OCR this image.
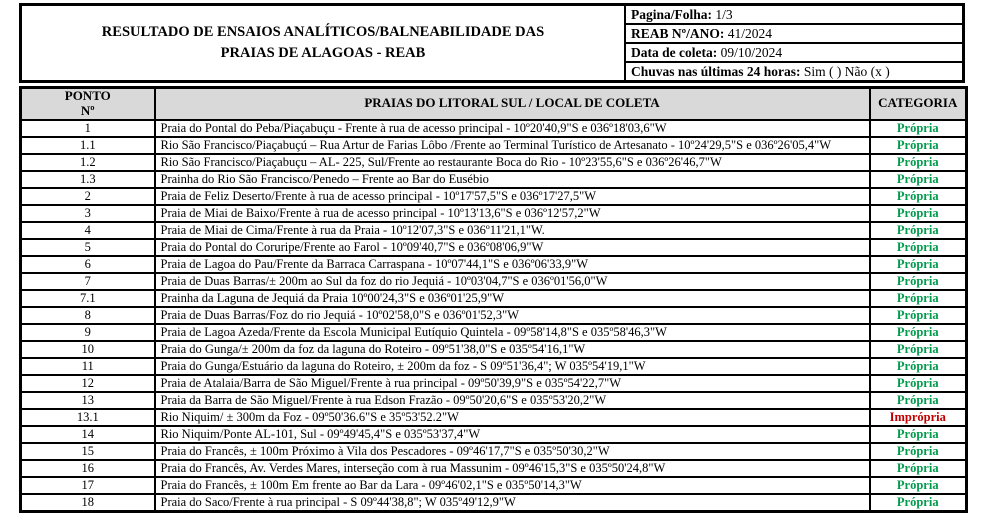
RESULTADO DE ENSAIOS ANALÍTICOS/BALNEABILIDADE DAS
PRAIAS DE ALAGOAS - REAB
	Pagina/Folha: 1/3
REAB Nº/ANO: 41/2024
Data de coleta: 09/10/2024
Chuvas nas últimas 24 horas: Sim ( ) Não (x )
PONTO
Nº	PRAIAS DO LITORAL SUL / LOCAL DE COLETA	CATEGORIA
1	Praia do Pontal do Peba/Piaçabuçu - Frente à rua de acesso principal - 10º20'40,9"S e 036º18'03,6"W	Própria
1.1	Rio São Francisco/Piaçabuçú – Rua Artur de Farias Lôbo /Frente ao Terminal Turístico de Artesanato - 10º24'29,5"S e 036º26'05,4"W	Própria
1.2	Rio São Francisco/Piaçabuçu – AL- 225, Sul/Frente ao restaurante Boca do Rio - 10º23'55,6"S e 036º26'46,7"W	Própria
1.3	Prainha do Rio São Francisco/Penedo – Frente ao Bar do Eusébio	Própria
2	Praia de Feliz Deserto/Frente à rua de acesso principal - 10º17'57,5"S e 036º17'27,5"W	Própria
3	Praia de Miai de Baixo/Frente à rua de acesso principal - 10º13'13,6"S e 036º12'57,2"W	Própria
4	Praia de Miai de Cima/Frente à rua da Praia - 10º12'07,3"S e 036º11'21,1"W.	Própria
5	Praia do Pontal do Coruripe/Frente ao Farol - 10º09'40,7"S e 036º08'06,9"W	Própria
6	Praia de Lagoa do Pau/Frente da Barraca Carraspana - 10º07'44,1"S e 036º06'33,9"W	Própria
7	Praia de Duas Barras/± 200m ao Sul da foz do rio Jequiá - 10º03'04,7"S e 036º01'56,0"W	Própria
7.1	Prainha da Laguna de Jequiá da Praia 10º00'24,3"S e 036º01'25,9"W	Própria
8	Praia de Duas Barras/Foz do rio Jequiá - 10º02'58,0"S e 036º01'52,3"W	Própria
9	Praia de Lagoa Azeda/Frente da Escola Municipal Eutíquio Quintela - 09º58'14,8"S e 035º58'46,3"W	Própria
10	Praia do Gunga/± 200m da foz da laguna do Roteiro - 09º51'38,0"S e 035º54'16,1"W	Própria
11	Praia do Gunga/Estuário da laguna do Roteiro, ± 200m da foz - S 09º51'36,4"; W 035º54'19,1"W	Própria
12	Praia de Atalaia/Barra de São Miguel/Frente à rua principal - 09º50'39,9"S e 035º54'22,7"W	Própria
13	Praia da Barra de São Miguel/Frente à rua Edson Frazão - 09º50'20,6"S e 035º53'20,2"W	Própria
13.1	Rio Niquim/ ± 300m da Foz - 09º50'36.6"S e 35º53'52.2"W	Imprópria
14	Rio Niquim/Ponte AL-101, Sul - 09º49'45,4"S e 035º53'37,4"W	Própria
15	Praia do Francês, ± 100m Próximo à Vila dos Pescadores - 09º46'17,7"S e 035º50'30,2"W	Própria
16	Praia do Francês, Av. Verdes Mares, interseção com à rua Massunim - 09º46'15,3"S e 035º50'24,8"W	Própria
17	Praia do Francês, ± 100m Em frente ao Bar da Lara - 09º46'02,1"S e 035º50'14,3"W	Própria
18	Praia do Saco/Frente à rua principal - S 09º44'38,8"; W 035º49'12,9"W	Própria
